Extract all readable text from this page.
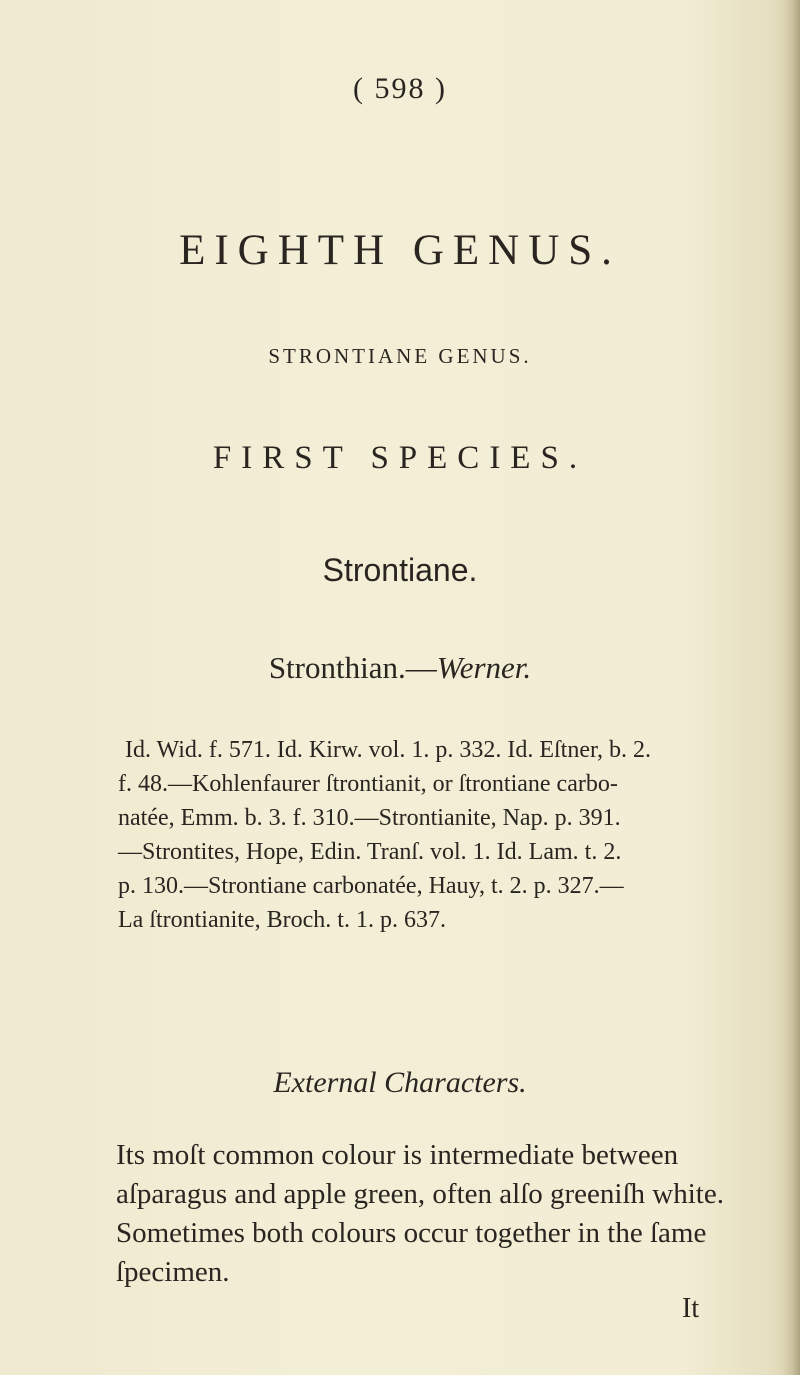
( 598 )
EIGHTH GENUS.
STRONTIANE GENUS.
FIRST SPECIES.
Strontiane.
Stronthian.—Werner.
Id. Wid. f. 571. Id. Kirw. vol. 1. p. 332. Id. Eſtner, b. 2.
f. 48.—Kohlenfaurer ſtrontianit, or ſtrontiane carbo-
natée, Emm. b. 3. f. 310.—Strontianite, Nap. p. 391.
—Strontites, Hope, Edin. Tranſ. vol. 1. Id. Lam. t. 2.
p. 130.—Strontiane carbonatée, Hauy, t. 2. p. 327.—
La ſtrontianite, Broch. t. 1. p. 637.
External Characters.
Its moſt common colour is intermediate between
aſparagus and apple green, often alſo greeniſh white.
Sometimes both colours occur together in the ſame
ſpecimen.
It
